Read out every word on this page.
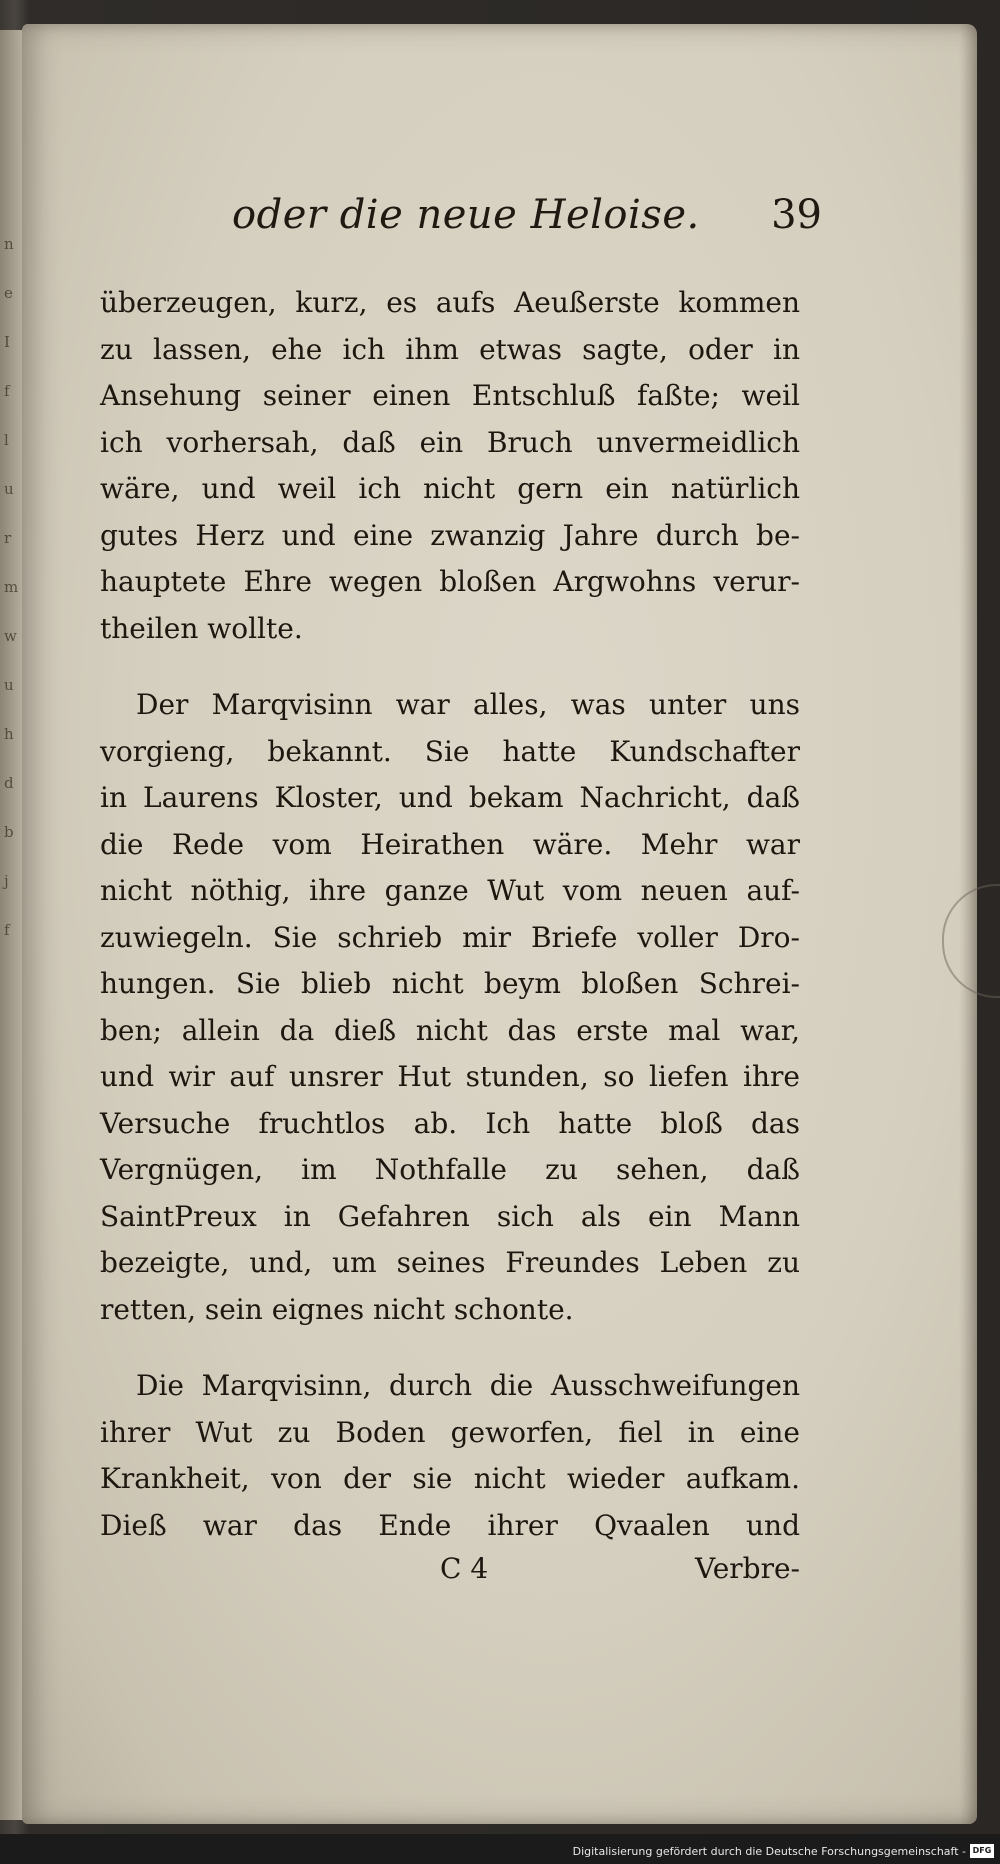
n
e
I
f
l
u
r
m
w
u
h
d
b
j
f

oder die neue Heloise. 39

überzeugen, kurz, es aufs Aeußerste kommen
zu lassen, ehe ich ihm etwas sagte, oder in
Ansehung seiner einen Entschluß faßte; weil
ich vorhersah, daß ein Bruch unvermeidlich
wäre, und weil ich nicht gern ein natürlich
gutes Herz und eine zwanzig Jahre durch be-
hauptete Ehre wegen bloßen Argwohns verur-
theilen wollte.

Der Marqvisinn war alles, was unter uns
vorgieng, bekannt. Sie hatte Kundschafter
in Laurens Kloster, und bekam Nachricht, daß
die Rede vom Heirathen wäre. Mehr war
nicht nöthig, ihre ganze Wut vom neuen auf-
zuwiegeln. Sie schrieb mir Briefe voller Dro-
hungen. Sie blieb nicht beym bloßen Schrei-
ben; allein da dieß nicht das erste mal war,
und wir auf unsrer Hut stunden, so liefen ihre
Versuche fruchtlos ab. Ich hatte bloß das
Vergnügen, im Nothfalle zu sehen, daß
SaintPreux in Gefahren sich als ein Mann
bezeigte, und, um seines Freundes Leben zu
retten, sein eignes nicht schonte.

Die Marqvisinn, durch die Ausschweifungen
ihrer Wut zu Boden geworfen, fiel in eine
Krankheit, von der sie nicht wieder aufkam.
Dieß war das Ende ihrer Qvaalen und

C 4	Verbre-
Digitalisierung gefördert durch die Deutsche Forschungsgemeinschaft - DFG
